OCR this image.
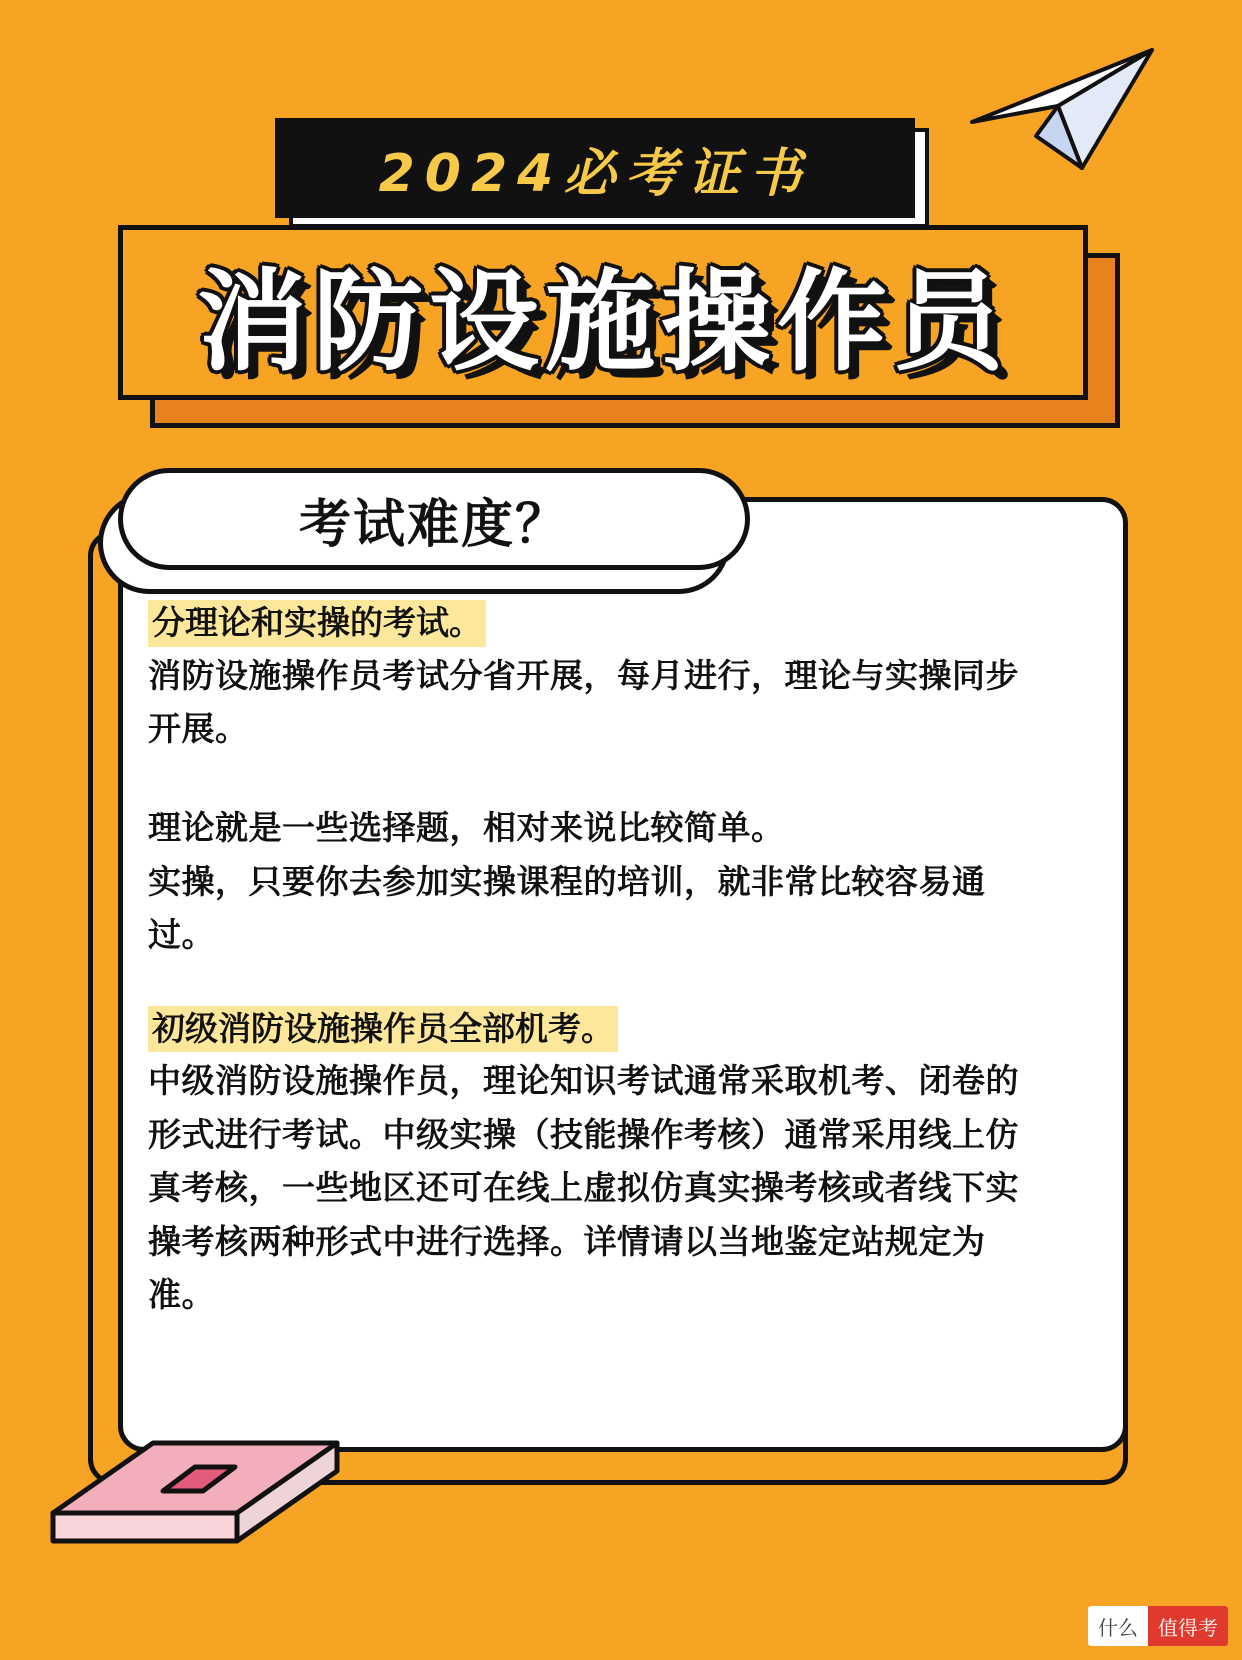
2024必考证书
消防设施操作员
考试难度？
分理论和实操的考试。

消防设施操作员考试分省开展，每月进行，理论与实操同步开展。

理论就是一些选择题，相对来说比较简单。

实操，只要你去参加实操课程的培训，就非常比较容易通过。

初级消防设施操作员全部机考。

中级消防设施操作员，理论知识考试通常采取机考、闭卷的形式进行考试。中级实操（技能操作考核）通常采用线上仿真考核，一些地区还可在线上虚拟仿真实操考核或者线下实操考核两种形式中进行选择。详情请以当地鉴定站规定为准。

什么	值得考
